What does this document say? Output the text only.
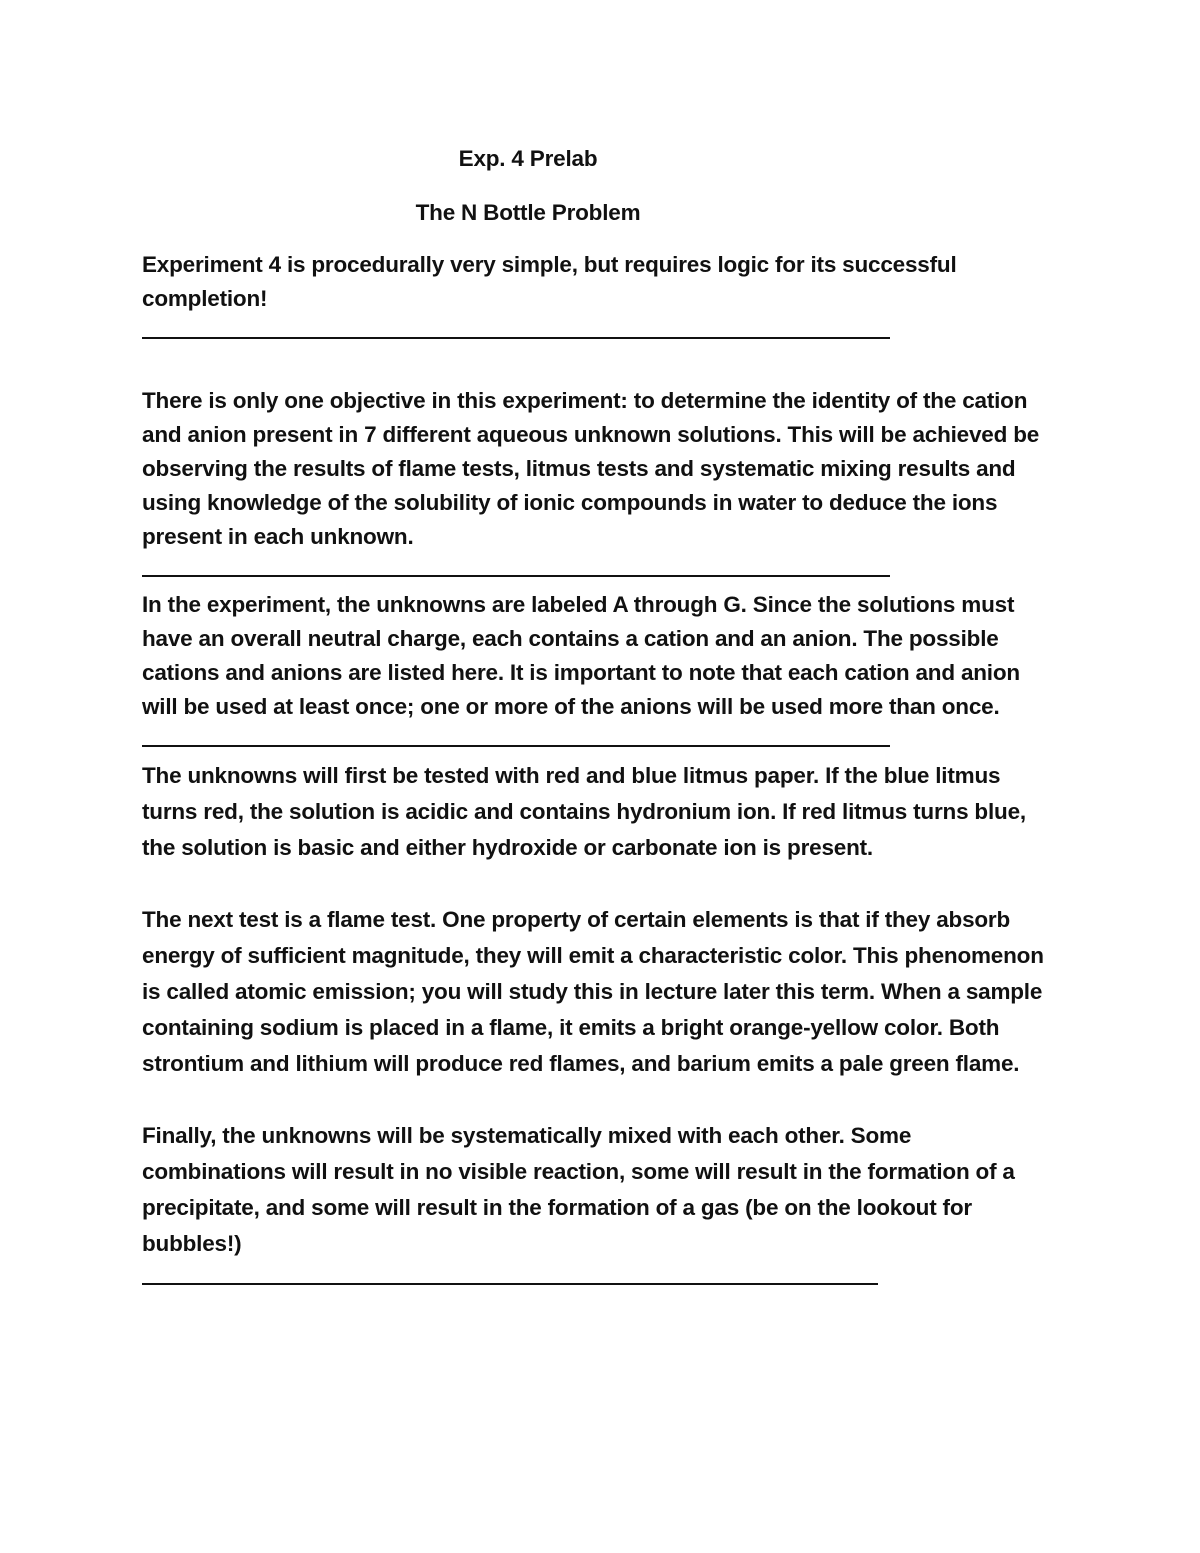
Exp. 4 Prelab

The N Bottle Problem

Experiment 4 is procedurally very simple, but requires logic for its successful completion!

There is only one objective in this experiment: to determine the identity of the cation and anion present in 7 different aqueous unknown solutions. This will be achieved be observing the results of flame tests, litmus tests and systematic mixing results and using knowledge of the solubility of ionic compounds in water to deduce the ions present in each unknown.

In the experiment, the unknowns are labeled A through G. Since the solutions must have an overall neutral charge, each contains a cation and an anion. The possible cations and anions are listed here. It is important to note that each cation and anion will be used at least once; one or more of the anions will be used more than once.

The unknowns will first be tested with red and blue litmus paper. If the blue litmus turns red, the solution is acidic and contains hydronium ion. If red litmus turns blue, the solution is basic and either hydroxide or carbonate ion is present.

The next test is a flame test. One property of certain elements is that if they absorb energy of sufficient magnitude, they will emit a characteristic color. This phenomenon is called atomic emission; you will study this in lecture later this term. When a sample containing sodium is placed in a flame, it emits a bright orange-yellow color. Both strontium and lithium will produce red flames, and barium emits a pale green flame.

Finally, the unknowns will be systematically mixed with each other. Some combinations will result in no visible reaction, some will result in the formation of a precipitate, and some will result in the formation of a gas (be on the lookout for bubbles!)
